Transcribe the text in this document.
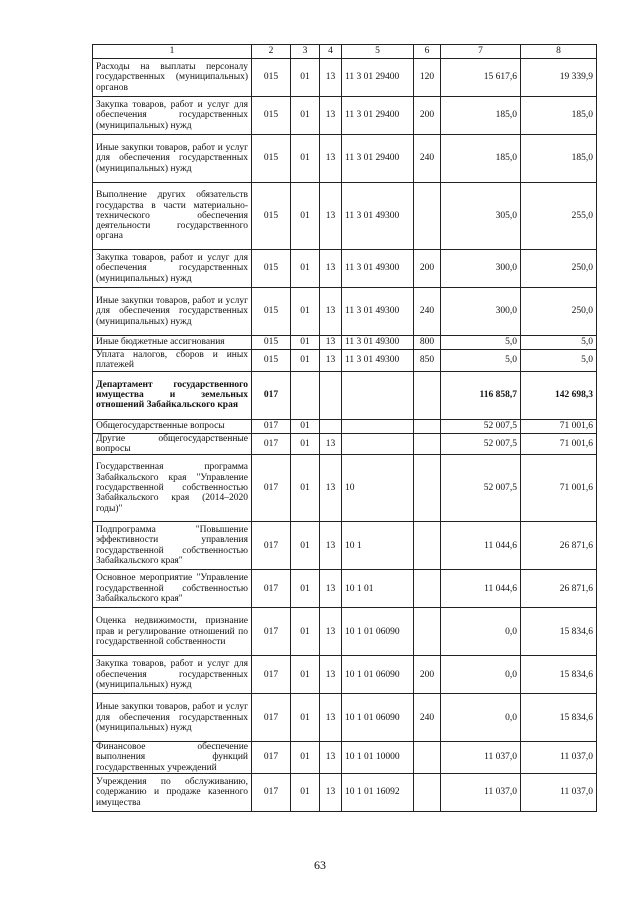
1	2	3	4	5	6	7	8
Расходы на выплаты персоналу государственных (муниципальных) органов	015	01	13	11 3 01 29400	120	15 617,6	19 339,9
Закупка товаров, работ и услуг для обеспечения государственных (муниципальных) нужд	015	01	13	11 3 01 29400	200	185,0	185,0
Иные закупки товаров, работ и услуг для обеспечения государственных (муниципальных) нужд	015	01	13	11 3 01 29400	240	185,0	185,0
Выполнение других обязательств государства в части материально-технического обеспечения деятельности государственного органа	015	01	13	11 3 01 49300		305,0	255,0
Закупка товаров, работ и услуг для обеспечения государственных (муниципальных) нужд	015	01	13	11 3 01 49300	200	300,0	250,0
Иные закупки товаров, работ и услуг для обеспечения государственных (муниципальных) нужд	015	01	13	11 3 01 49300	240	300,0	250,0
Иные бюджетные ассигнования	015	01	13	11 3 01 49300	800	5,0	5,0
Уплата налогов, сборов и иных платежей	015	01	13	11 3 01 49300	850	5,0	5,0
Департамент государственного имущества и земельных отношений Забайкальского края	017					116 858,7	142 698,3
Общегосударственные вопросы	017	01				52 007,5	71 001,6
Другие общегосударственные вопросы	017	01	13			52 007,5	71 001,6
Государственная программа Забайкальского края "Управление государственной собственностью Забайкальского края (2014–2020 годы)"	017	01	13	10		52 007,5	71 001,6
Подпрограмма "Повышение эффективности управления государственной собственностью Забайкальского края"	017	01	13	10 1		11 044,6	26 871,6
Основное мероприятие "Управление государственной собственностью Забайкальского края"	017	01	13	10 1 01		11 044,6	26 871,6
Оценка недвижимости, признание прав и регулирование отношений по государственной собственности	017	01	13	10 1 01 06090		0,0	15 834,6
Закупка товаров, работ и услуг для обеспечения государственных (муниципальных) нужд	017	01	13	10 1 01 06090	200	0,0	15 834,6
Иные закупки товаров, работ и услуг для обеспечения государственных (муниципальных) нужд	017	01	13	10 1 01 06090	240	0,0	15 834,6
Финансовое обеспечение выполнения функций государственных учреждений	017	01	13	10 1 01 10000		11 037,0	11 037,0
Учреждения по обслуживанию, содержанию и продаже казенного имущества	017	01	13	10 1 01 16092		11 037,0	11 037,0
63
